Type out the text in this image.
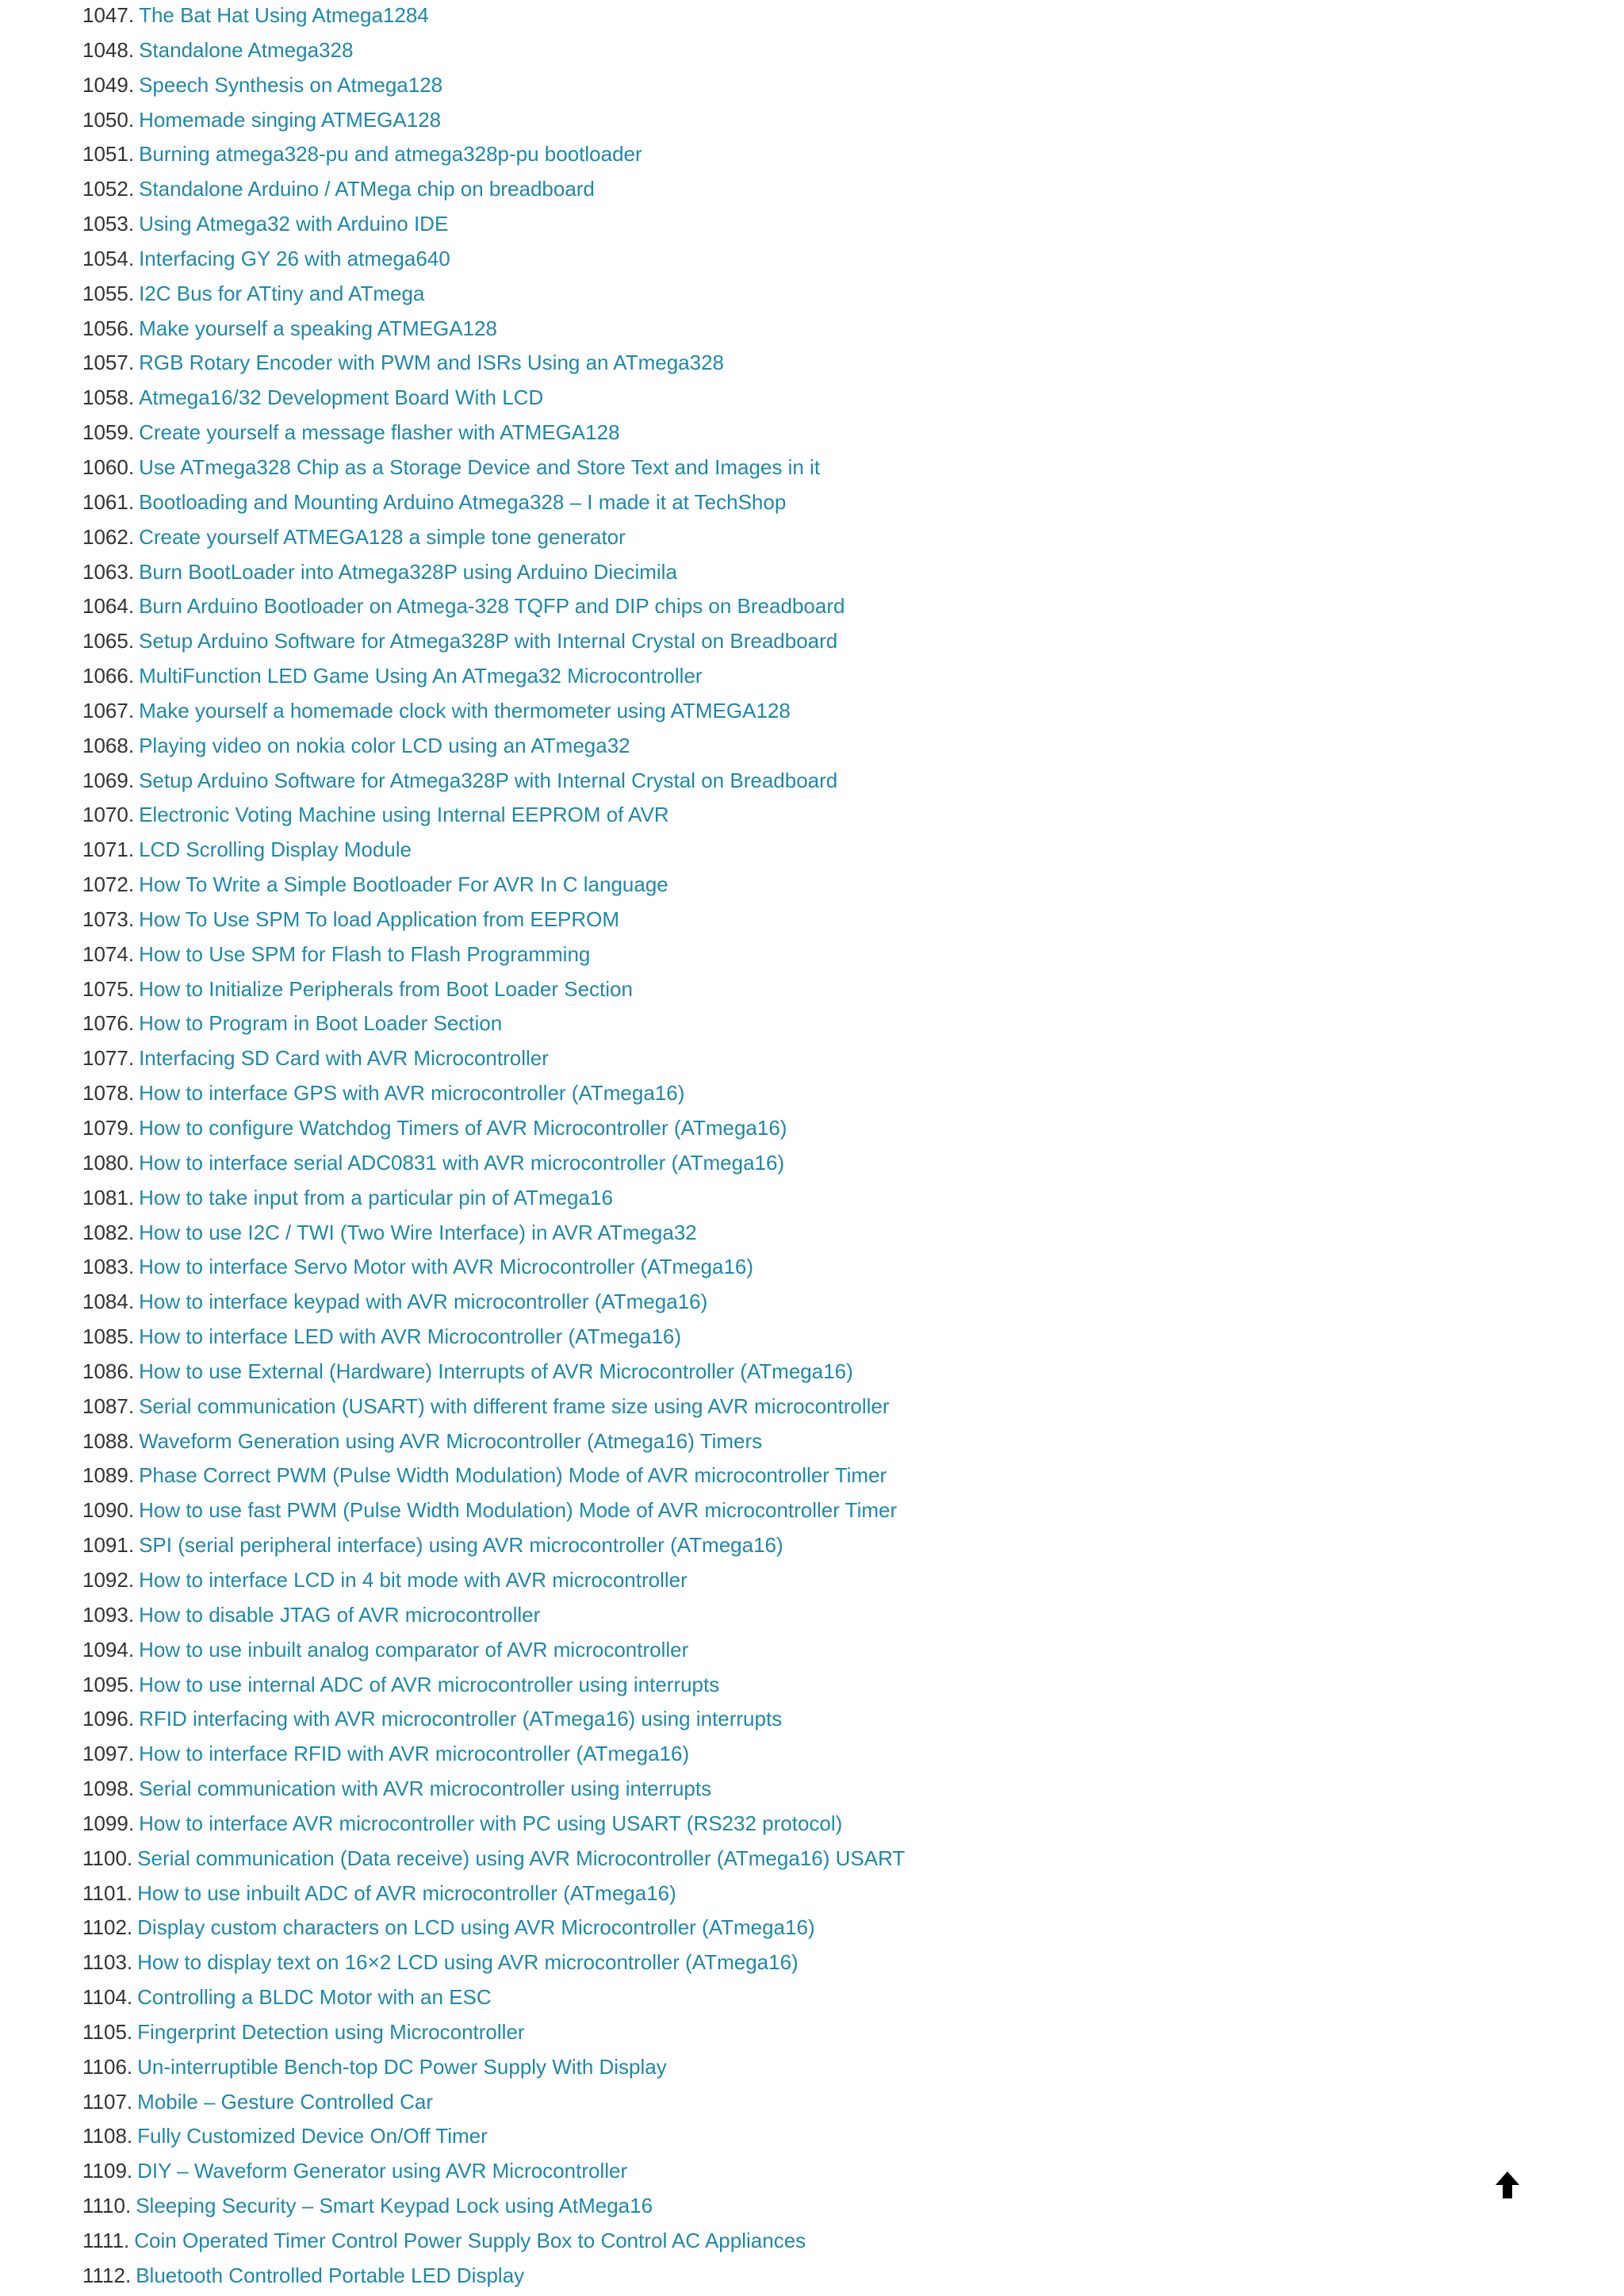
1047. The Bat Hat Using Atmega1284
1048. Standalone Atmega328
1049. Speech Synthesis on Atmega128
1050. Homemade singing ATMEGA128
1051. Burning atmega328-pu and atmega328p-pu bootloader
1052. Standalone Arduino / ATMega chip on breadboard
1053. Using Atmega32 with Arduino IDE
1054. Interfacing GY 26 with atmega640
1055. I2C Bus for ATtiny and ATmega
1056. Make yourself a speaking ATMEGA128
1057. RGB Rotary Encoder with PWM and ISRs Using an ATmega328
1058. Atmega16/32 Development Board With LCD
1059. Create yourself a message flasher with ATMEGA128
1060. Use ATmega328 Chip as a Storage Device and Store Text and Images in it
1061. Bootloading and Mounting Arduino Atmega328 – I made it at TechShop
1062. Create yourself ATMEGA128 a simple tone generator
1063. Burn BootLoader into Atmega328P using Arduino Diecimila
1064. Burn Arduino Bootloader on Atmega-328 TQFP and DIP chips on Breadboard
1065. Setup Arduino Software for Atmega328P with Internal Crystal on Breadboard
1066. MultiFunction LED Game Using An ATmega32 Microcontroller
1067. Make yourself a homemade clock with thermometer using ATMEGA128
1068. Playing video on nokia color LCD using an ATmega32
1069. Setup Arduino Software for Atmega328P with Internal Crystal on Breadboard
1070. Electronic Voting Machine using Internal EEPROM of AVR
1071. LCD Scrolling Display Module
1072. How To Write a Simple Bootloader For AVR In C language
1073. How To Use SPM To load Application from EEPROM
1074. How to Use SPM for Flash to Flash Programming
1075. How to Initialize Peripherals from Boot Loader Section
1076. How to Program in Boot Loader Section
1077. Interfacing SD Card with AVR Microcontroller
1078. How to interface GPS with AVR microcontroller (ATmega16)
1079. How to configure Watchdog Timers of AVR Microcontroller (ATmega16)
1080. How to interface serial ADC0831 with AVR microcontroller (ATmega16)
1081. How to take input from a particular pin of ATmega16
1082. How to use I2C / TWI (Two Wire Interface) in AVR ATmega32
1083. How to interface Servo Motor with AVR Microcontroller (ATmega16)
1084. How to interface keypad with AVR microcontroller (ATmega16)
1085. How to interface LED with AVR Microcontroller (ATmega16)
1086. How to use External (Hardware) Interrupts of AVR Microcontroller (ATmega16)
1087. Serial communication (USART) with different frame size using AVR microcontroller
1088. Waveform Generation using AVR Microcontroller (Atmega16) Timers
1089. Phase Correct PWM (Pulse Width Modulation) Mode of AVR microcontroller Timer
1090. How to use fast PWM (Pulse Width Modulation) Mode of AVR microcontroller Timer
1091. SPI (serial peripheral interface) using AVR microcontroller (ATmega16)
1092. How to interface LCD in 4 bit mode with AVR microcontroller
1093. How to disable JTAG of AVR microcontroller
1094. How to use inbuilt analog comparator of AVR microcontroller
1095. How to use internal ADC of AVR microcontroller using interrupts
1096. RFID interfacing with AVR microcontroller (ATmega16) using interrupts
1097. How to interface RFID with AVR microcontroller (ATmega16)
1098. Serial communication with AVR microcontroller using interrupts
1099. How to interface AVR microcontroller with PC using USART (RS232 protocol)
1100. Serial communication (Data receive) using AVR Microcontroller (ATmega16) USART
1101. How to use inbuilt ADC of AVR microcontroller (ATmega16)
1102. Display custom characters on LCD using AVR Microcontroller (ATmega16)
1103. How to display text on 16×2 LCD using AVR microcontroller (ATmega16)
1104. Controlling a BLDC Motor with an ESC
1105. Fingerprint Detection using Microcontroller
1106. Un-interruptible Bench-top DC Power Supply With Display
1107. Mobile – Gesture Controlled Car
1108. Fully Customized Device On/Off Timer
1109. DIY – Waveform Generator using AVR Microcontroller
1110. Sleeping Security – Smart Keypad Lock using AtMega16
1111. Coin Operated Timer Control Power Supply Box to Control AC Appliances
1112. Bluetooth Controlled Portable LED Display
